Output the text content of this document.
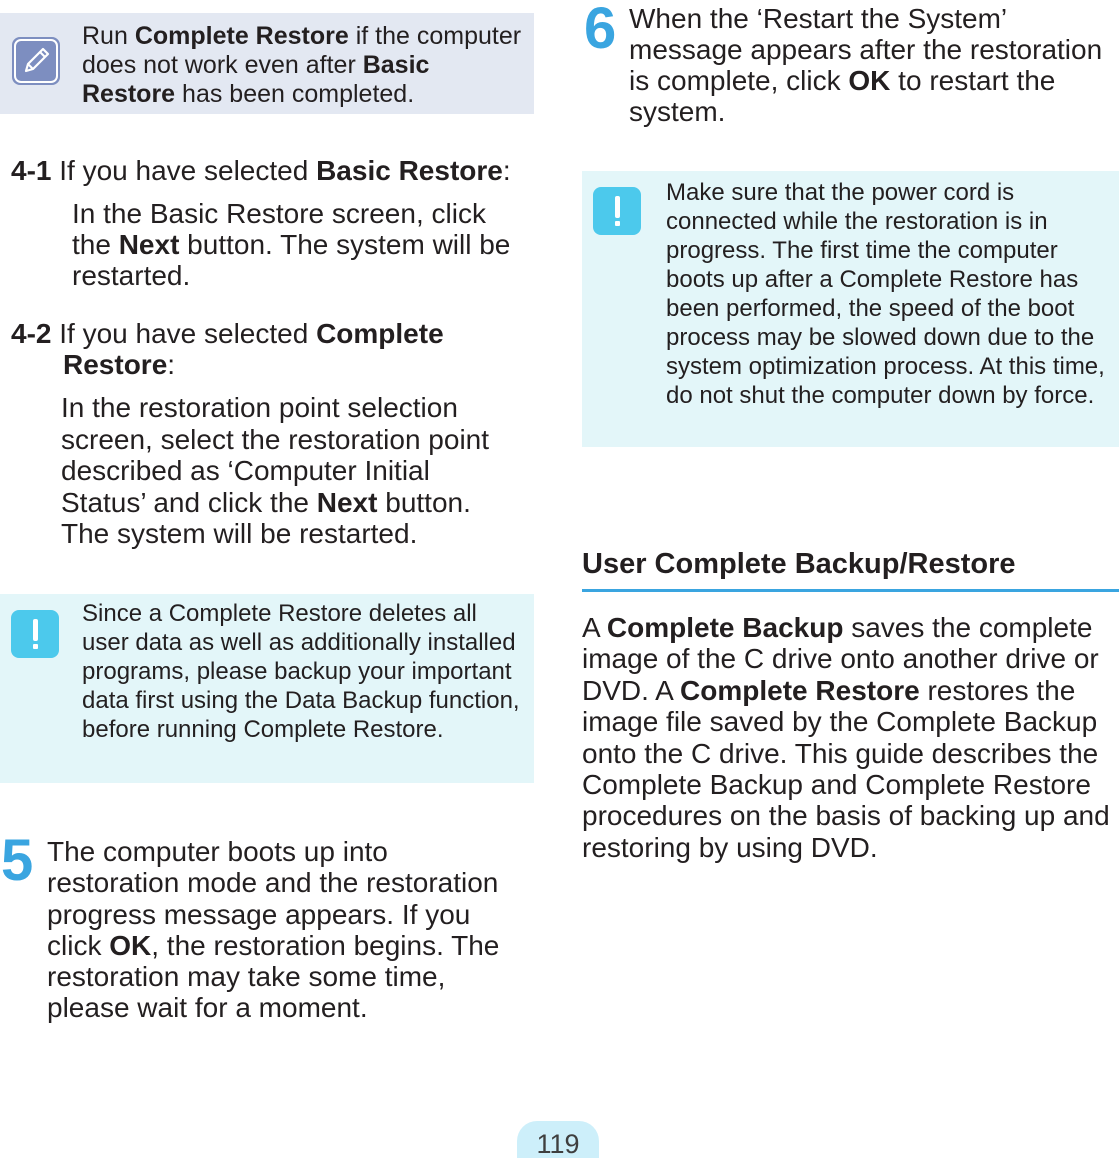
Run Complete Restore if the computer does not work even after Basic Restore has been completed.
4-1 If you have selected Basic Restore:
In the Basic Restore screen, click the Next button. The system will be restarted.
4-2 If you have selected Complete
Restore:
In the restoration point selection screen, select the restoration point described as ‘Computer Initial Status’ and click the Next button. The system will be restarted.
Since a Complete Restore deletes all user data as well as additionally installed programs, please backup your important data first using the Data Backup function, before running Complete Restore.
5 The computer boots up into restoration mode and the restoration progress message appears. If you click OK, the restoration begins. The restoration may take some time, please wait for a moment.
6 When the ‘Restart the System’ message appears after the restoration is complete, click OK to restart the system.
Make sure that the power cord is connected while the restoration is in progress. The first time the computer boots up after a Complete Restore has been performed, the speed of the boot process may be slowed down due to the system optimization process. At this time, do not shut the computer down by force.
User Complete Backup/Restore
A Complete Backup saves the complete image of the C drive onto another drive or DVD. A Complete Restore restores the image file saved by the Complete Backup onto the C drive. This guide describes the Complete Backup and Complete Restore procedures on the basis of backing up and restoring by using DVD.
119
